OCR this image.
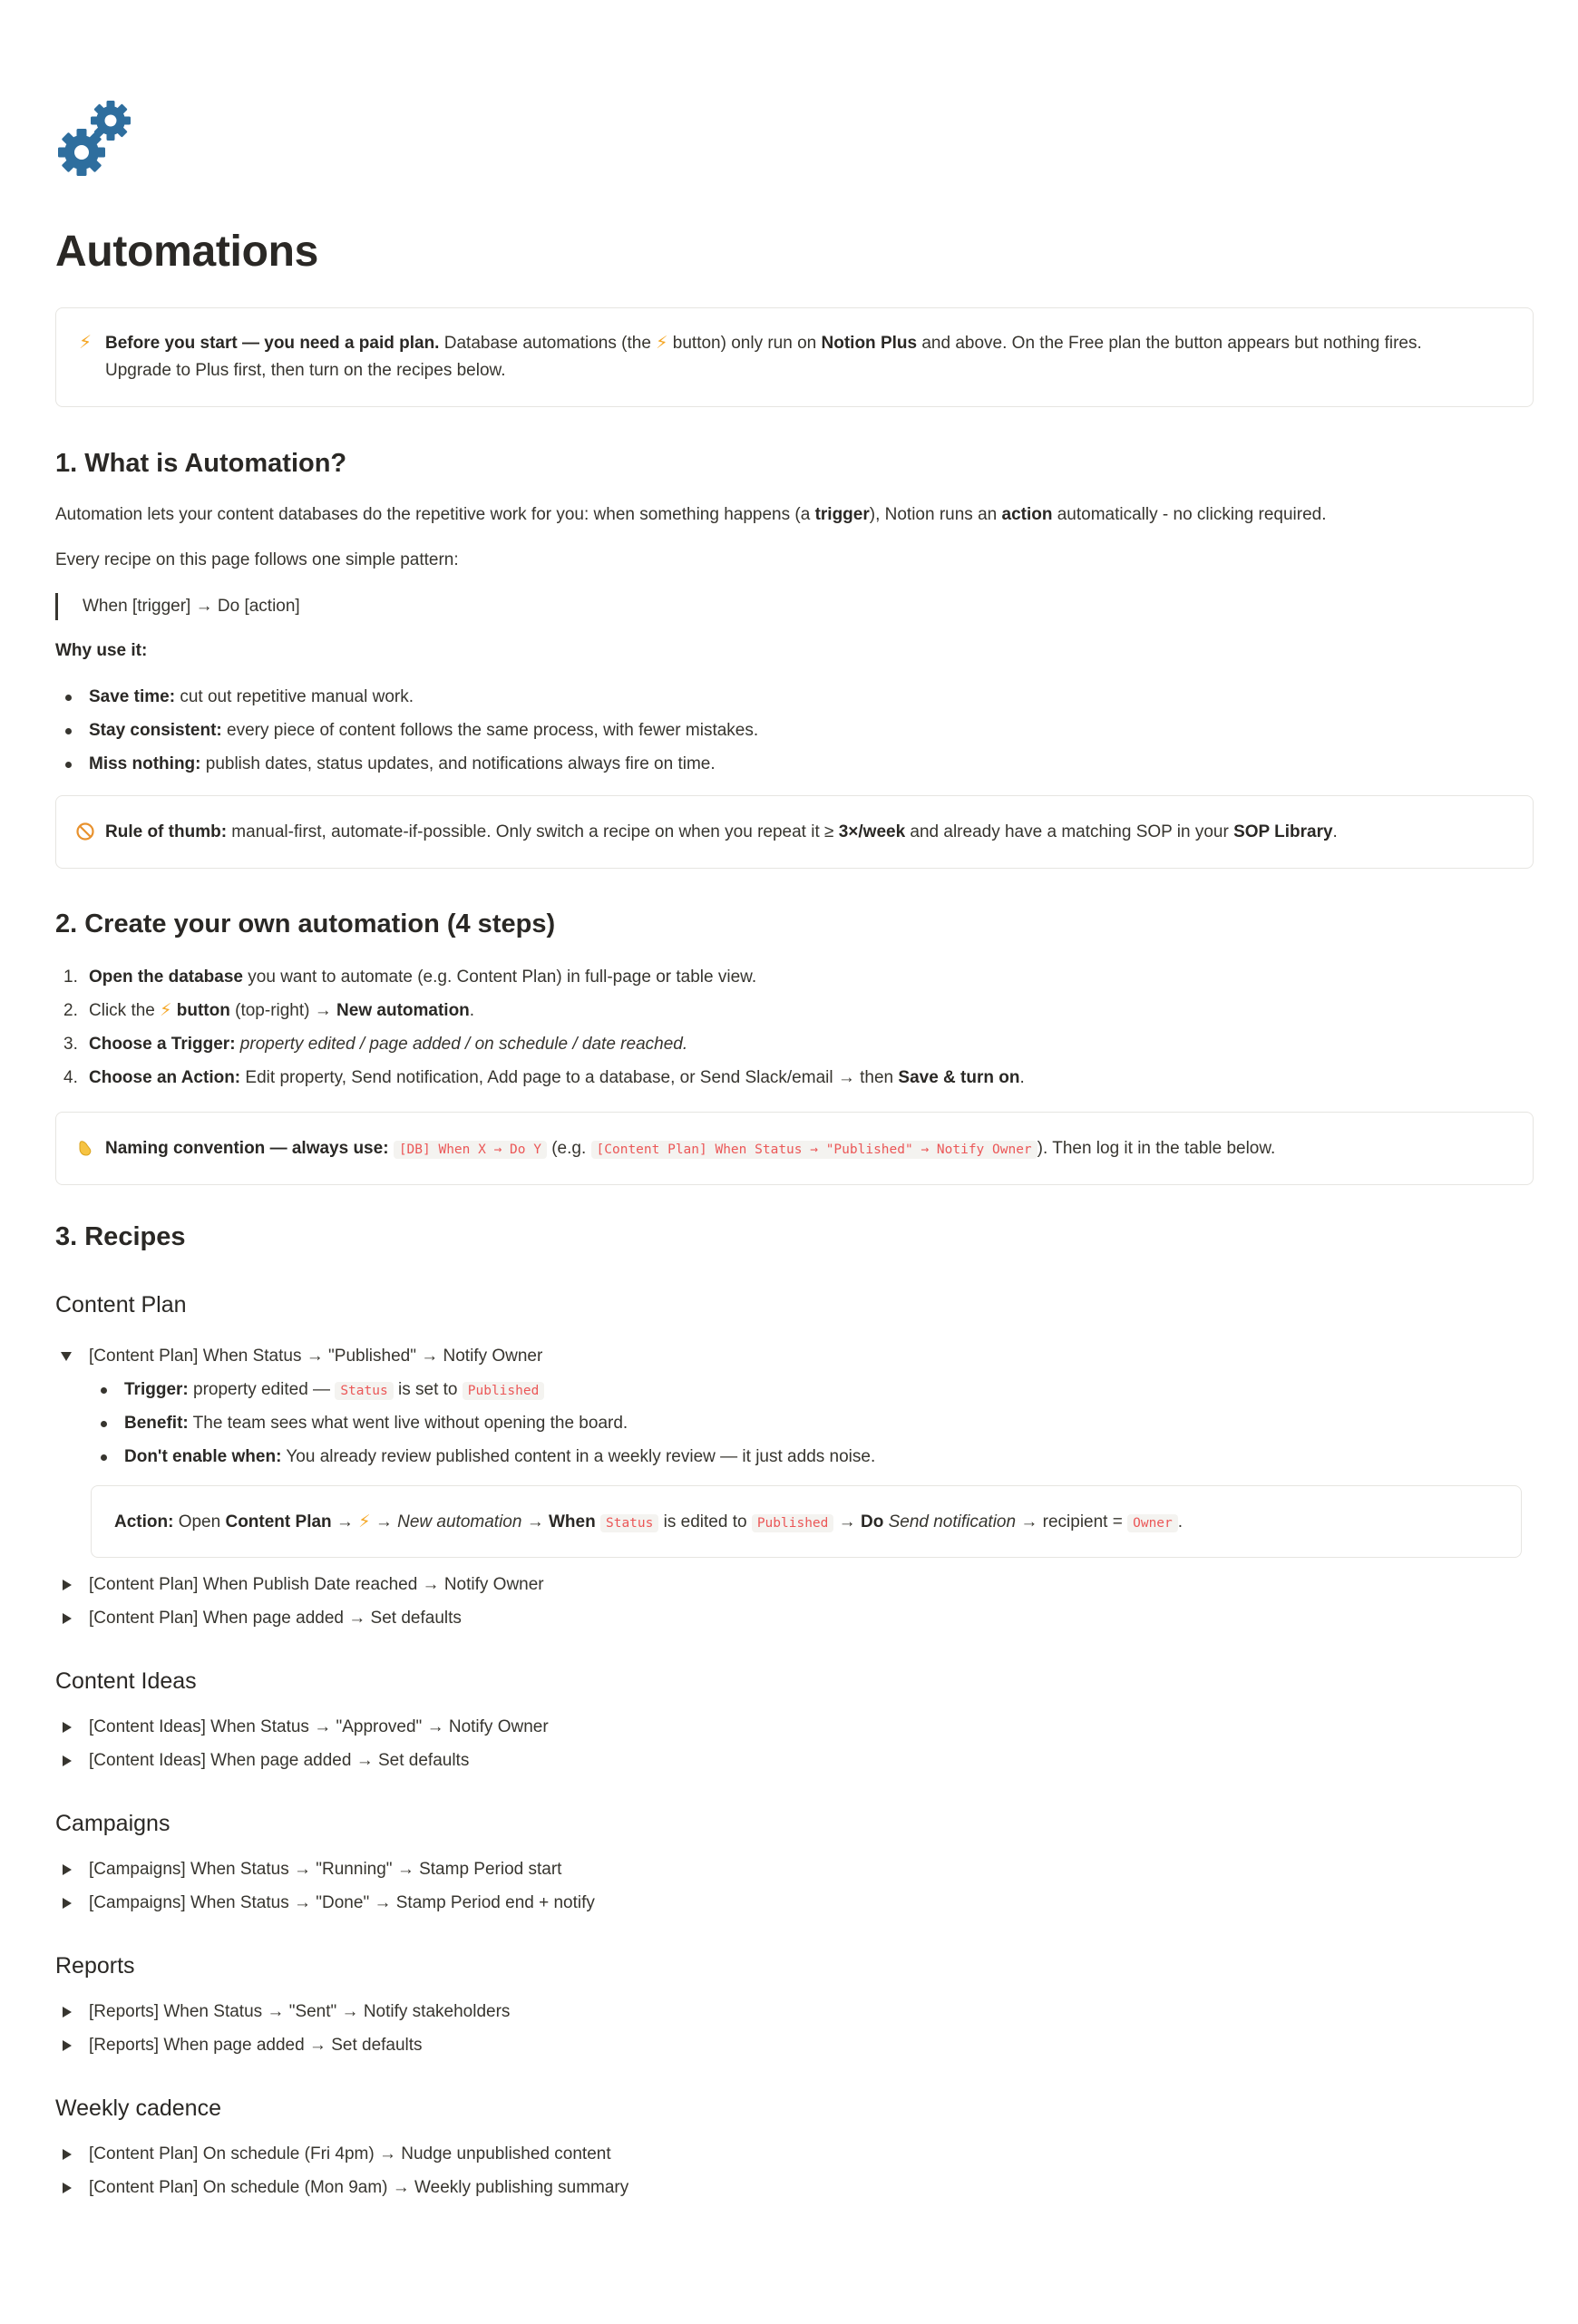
Automations
⚡ Before you start — you need a paid plan. Database automations (the ⚡ button) only run on Notion Plus and above. On the Free plan the button appears but nothing fires.
Upgrade to Plus first, then turn on the recipes below.
1. What is Automation?
Automation lets your content databases do the repetitive work for you: when something happens (a trigger), Notion runs an action automatically - no clicking required.
Every recipe on this page follows one simple pattern:
When [trigger] → Do [action]
Why use it:
Save time: cut out repetitive manual work.
Stay consistent: every piece of content follows the same process, with fewer mistakes.
Miss nothing: publish dates, status updates, and notifications always fire on time.
Rule of thumb: manual-first, automate-if-possible. Only switch a recipe on when you repeat it ≥ 3×/week and already have a matching SOP in your SOP Library.
2. Create your own automation (4 steps)
1. Open the database you want to automate (e.g. Content Plan) in full-page or table view.
2. Click the ⚡ button (top-right) → New automation.
3. Choose a Trigger: property edited / page added / on schedule / date reached.
4. Choose an Action: Edit property, Send notification, Add page to a database, or Send Slack/email → then Save & turn on.
Naming convention — always use: [DB] When X → Do Y (e.g. [Content Plan] When Status → "Published" → Notify Owner ). Then log it in the table below.
3. Recipes
Content Plan
[Content Plan] When Status → "Published" → Notify Owner
Trigger: property edited — Status is set to Published
Benefit: The team sees what went live without opening the board.
Don't enable when: You already review published content in a weekly review — it just adds noise.
Action: Open Content Plan → ⚡ → New automation → When Status is edited to Published → Do Send notification → recipient = Owner .
[Content Plan] When Publish Date reached → Notify Owner
[Content Plan] When page added → Set defaults
Content Ideas
[Content Ideas] When Status → "Approved" → Notify Owner
[Content Ideas] When page added → Set defaults
Campaigns
[Campaigns] When Status → "Running" → Stamp Period start
[Campaigns] When Status → "Done" → Stamp Period end + notify
Reports
[Reports] When Status → "Sent" → Notify stakeholders
[Reports] When page added → Set defaults
Weekly cadence
[Content Plan] On schedule (Fri 4pm) → Nudge unpublished content
[Content Plan] On schedule (Mon 9am) → Weekly publishing summary
